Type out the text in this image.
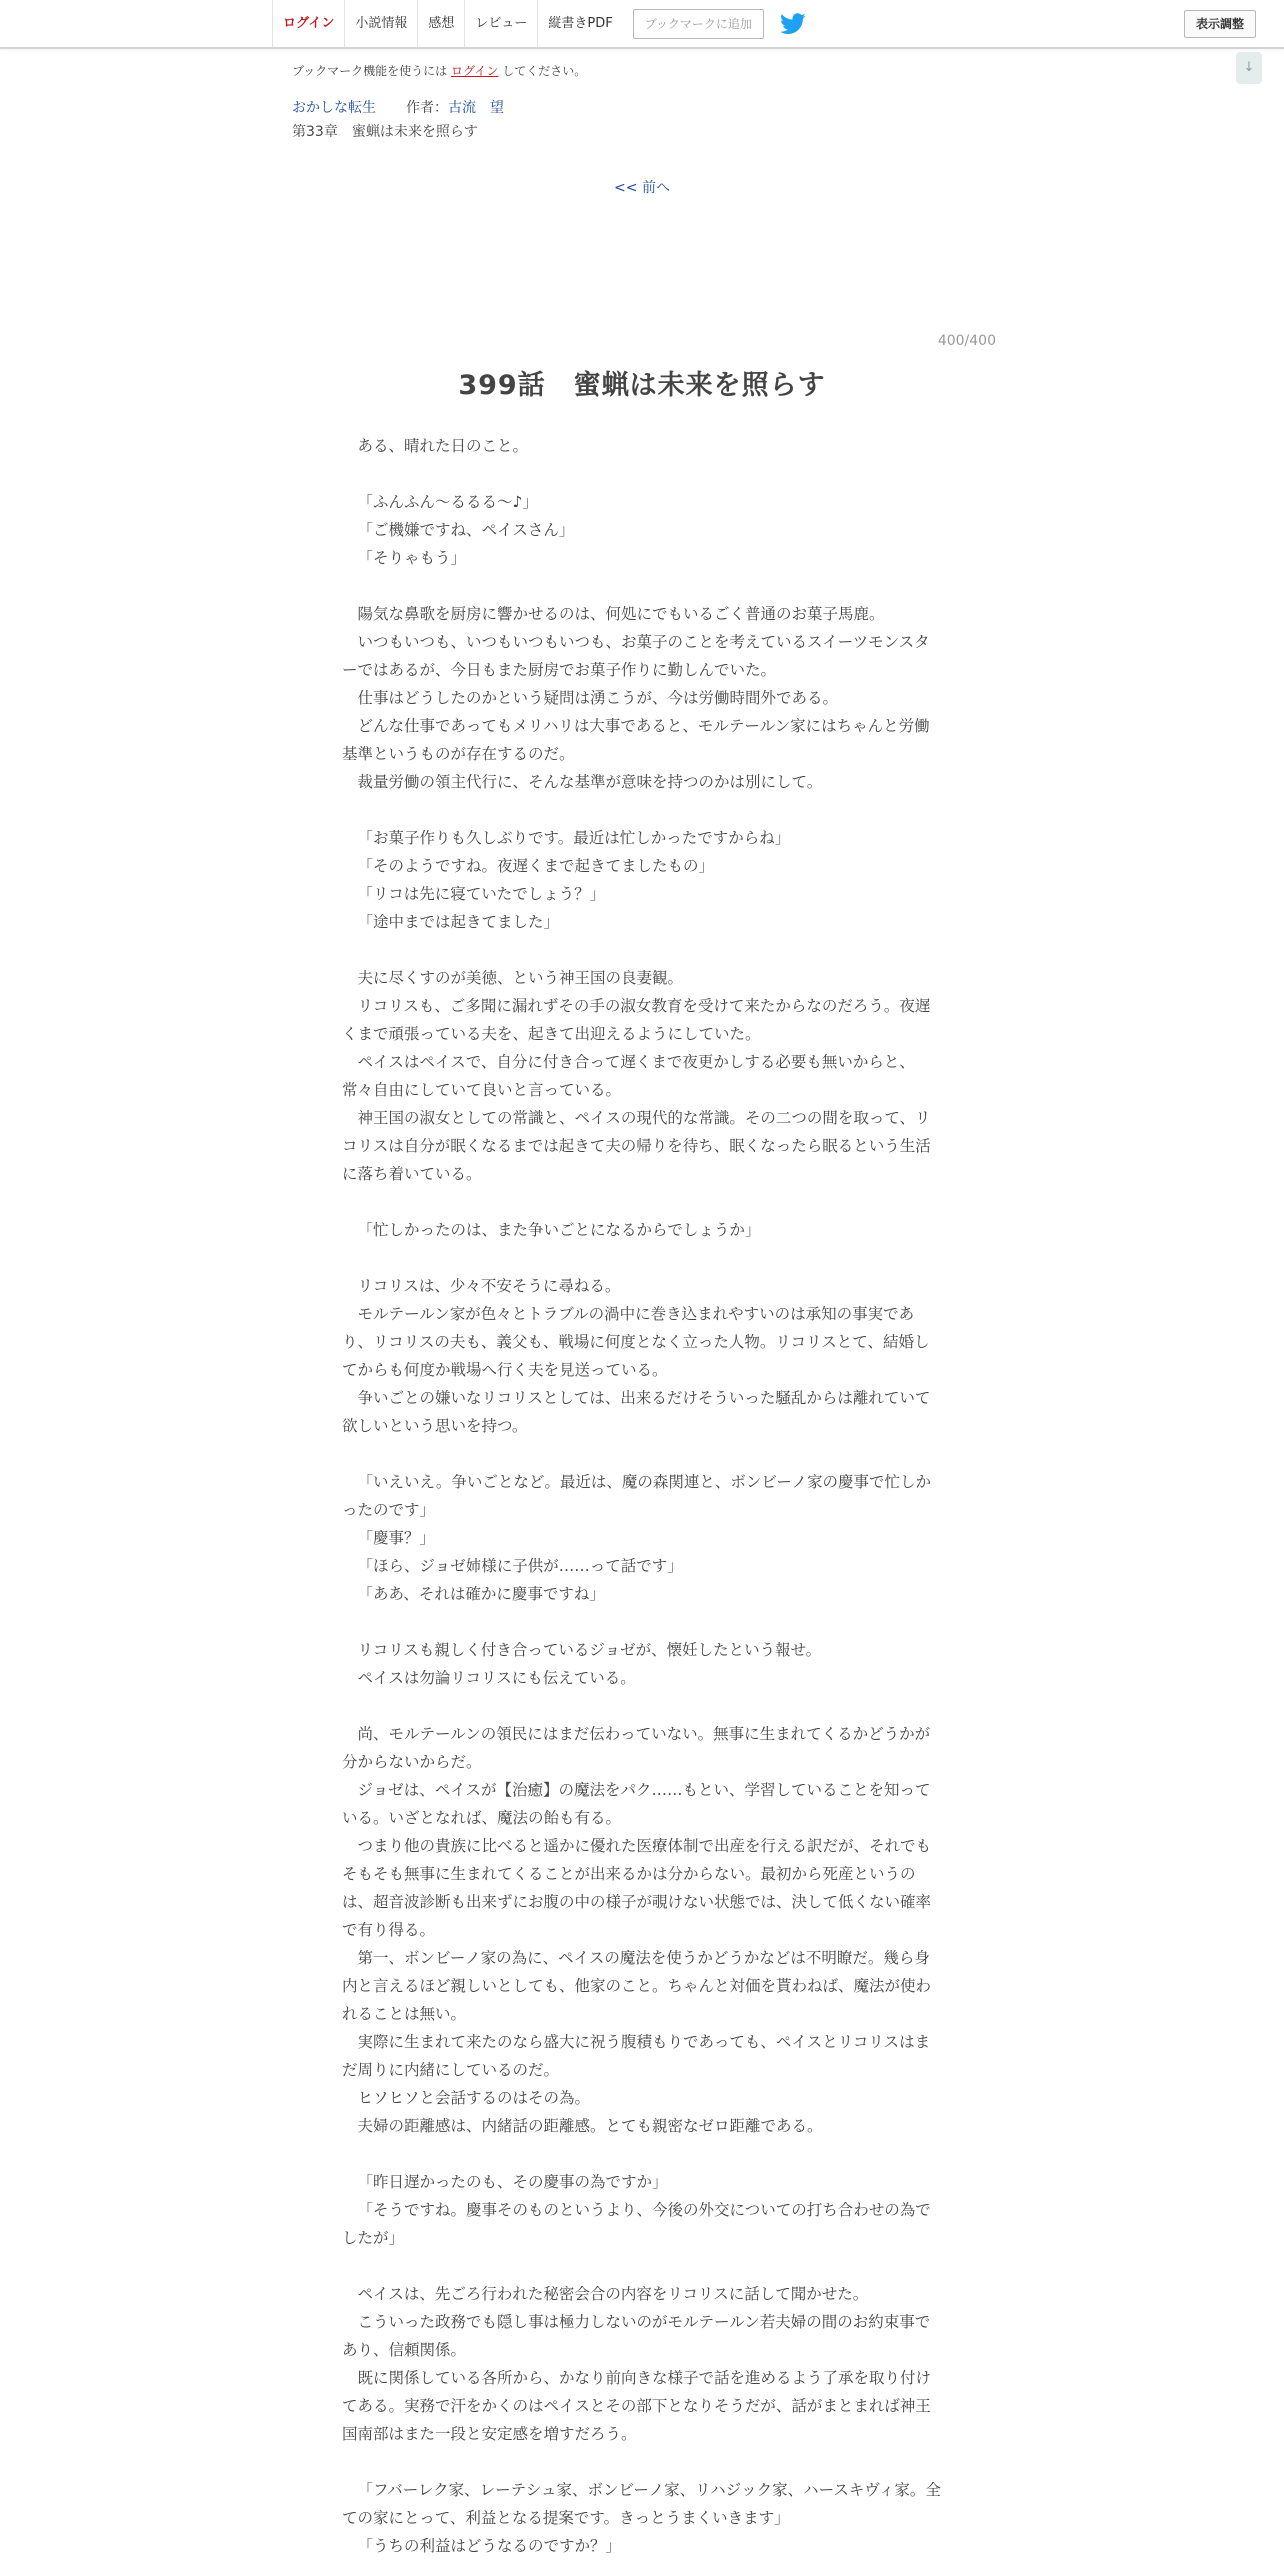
ログイン	小説情報	感想	レビュー	縦書きPDF	ブックマークに追加	表示調整
ブックマーク機能を使うには ログイン してください。	↓
おかしな転生 作者：古流　望
第33章　蜜蝋は未来を照らす
<< 前へ
400/400
399話　蜜蝋は未来を照らす

ある、晴れた日のこと。

「ふんふん～るるる～♪」

「ご機嫌ですね、ペイスさん」

「そりゃもう」

陽気な鼻歌を厨房に響かせるのは、何処にでもいるごく普通のお菓子馬鹿。

いつもいつも、いつもいつもいつも、お菓子のことを考えているスイーツモンスターではあるが、今日もまた厨房でお菓子作りに勤しんでいた。

仕事はどうしたのかという疑問は湧こうが、今は労働時間外である。

どんな仕事であってもメリハリは大事であると、モルテールン家にはちゃんと労働基準というものが存在するのだ。

裁量労働の領主代行に、そんな基準が意味を持つのかは別にして。

「お菓子作りも久しぶりです。最近は忙しかったですからね」

「そのようですね。夜遅くまで起きてましたもの」

「リコは先に寝ていたでしょう？」

「途中までは起きてました」

夫に尽くすのが美徳、という神王国の良妻観。

リコリスも、ご多聞に漏れずその手の淑女教育を受けて来たからなのだろう。夜遅くまで頑張っている夫を、起きて出迎えるようにしていた。

ペイスはペイスで、自分に付き合って遅くまで夜更かしする必要も無いからと、常々自由にしていて良いと言っている。

神王国の淑女としての常識と、ペイスの現代的な常識。その二つの間を取って、リコリスは自分が眠くなるまでは起きて夫の帰りを待ち、眠くなったら眠るという生活に落ち着いている。

「忙しかったのは、また争いごとになるからでしょうか」

リコリスは、少々不安そうに尋ねる。

モルテールン家が色々とトラブルの渦中に巻き込まれやすいのは承知の事実であり、リコリスの夫も、義父も、戦場に何度となく立った人物。リコリスとて、結婚してからも何度か戦場へ行く夫を見送っている。

争いごとの嫌いなリコリスとしては、出来るだけそういった騒乱からは離れていて欲しいという思いを持つ。

「いえいえ。争いごとなど。最近は、魔の森関連と、ボンビーノ家の慶事で忙しかったのです」

「慶事？」

「ほら、ジョゼ姉様に子供が……って話です」

「ああ、それは確かに慶事ですね」

リコリスも親しく付き合っているジョゼが、懐妊したという報せ。

ペイスは勿論リコリスにも伝えている。

尚、モルテールンの領民にはまだ伝わっていない。無事に生まれてくるかどうかが分からないからだ。

ジョゼは、ペイスが【治癒】の魔法をパク……もとい、学習していることを知っている。いざとなれば、魔法の飴も有る。

つまり他の貴族に比べると遥かに優れた医療体制で出産を行える訳だが、それでもそもそも無事に生まれてくることが出来るかは分からない。最初から死産というのは、超音波診断も出来ずにお腹の中の様子が覗けない状態では、決して低くない確率で有り得る。

第一、ボンビーノ家の為に、ペイスの魔法を使うかどうかなどは不明瞭だ。幾ら身内と言えるほど親しいとしても、他家のこと。ちゃんと対価を貰わねば、魔法が使われることは無い。

実際に生まれて来たのなら盛大に祝う腹積もりであっても、ペイスとリコリスはまだ周りに内緒にしているのだ。

ヒソヒソと会話するのはその為。

夫婦の距離感は、内緒話の距離感。とても親密なゼロ距離である。

「昨日遅かったのも、その慶事の為ですか」

「そうですね。慶事そのものというより、今後の外交についての打ち合わせの為でしたが」

ペイスは、先ごろ行われた秘密会合の内容をリコリスに話して聞かせた。

こういった政務でも隠し事は極力しないのがモルテールン若夫婦の間のお約束事であり、信頼関係。

既に関係している各所から、かなり前向きな様子で話を進めるよう了承を取り付けてある。実務で汗をかくのはペイスとその部下となりそうだが、話がまとまれば神王国南部はまた一段と安定感を増すだろう。

「フバーレク家、レーテシュ家、ボンビーノ家、リハジック家、ハースキヴィ家。全ての家にとって、利益となる提案です。きっとうまくいきます」

「うちの利益はどうなるのですか？」
